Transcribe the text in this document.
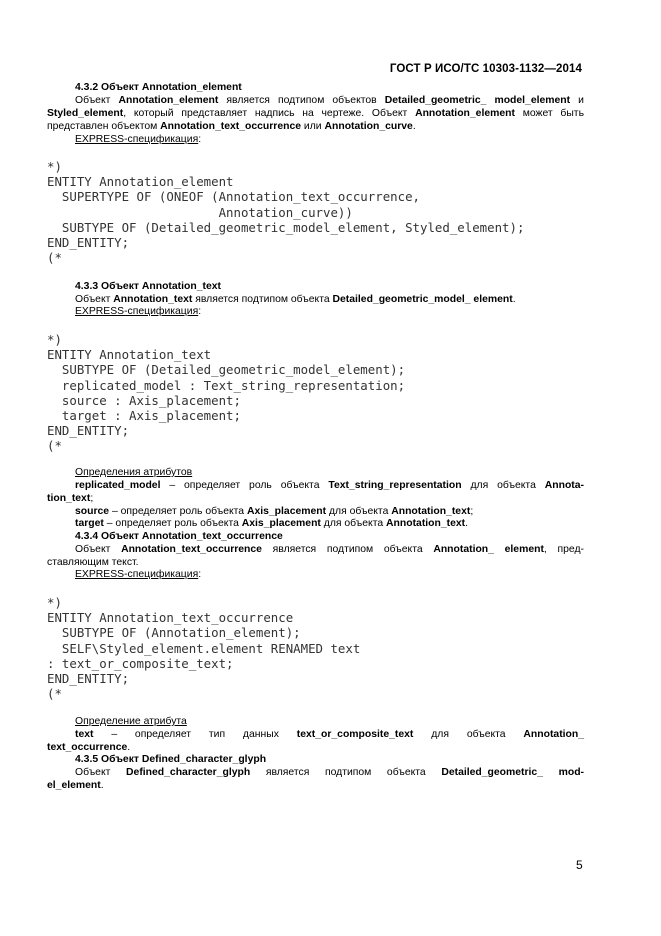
ГОСТ Р ИСО/ТС 10303-1132—2014
4.3.2 Объект Annotation_element
Объект Annotation_element является подтипом объектов Detailed_geometric_ model_element и
Styled_element, который представляет надпись на чертеже. Объект Annotation_element может быть
представлен объектом Annotation_text_occurrence или Annotation_curve.
EXPRESS-спецификация:
*)
ENTITY Annotation_element
SUPERTYPE OF (ONEOF (Annotation_text_occurrence,
Annotation_curve))
SUBTYPE OF (Detailed_geometric_model_element, Styled_element);
END_ENTITY;
(*
4.3.3 Объект Annotation_text
Объект Annotation_text является подтипом объекта Detailed_geometric_model_ element.
EXPRESS-спецификация:
*)
ENTITY Annotation_text
SUBTYPE OF (Detailed_geometric_model_element);
replicated_model : Text_string_representation;
source : Axis_placement;
target : Axis_placement;
END_ENTITY;
(*
Определения атрибутов
replicated_model – определяет роль объекта Text_string_representation для объекта Annota-
tion_text;
source – определяет роль объекта Axis_placement для объекта Annotation_text;
target – определяет роль объекта Axis_placement для объекта Annotation_text.
4.3.4 Объект Annotation_text_occurrence
Объект Annotation_text_occurrence является подтипом объекта Annotation_ element, пред-
ставляющим текст.
EXPRESS-спецификация:
*)
ENTITY Annotation_text_occurrence
SUBTYPE OF (Annotation_element);
SELF\Styled_element.element RENAMED text
: text_or_composite_text;
END_ENTITY;
(*
Определение атрибута
text – определяет тип данных text_or_composite_text для объекта Annotation_
text_occurrence.
4.3.5 Объект Defined_character_glyph
Объект Defined_character_glyph является подтипом объекта Detailed_geometric_ mod-
el_element.
5
